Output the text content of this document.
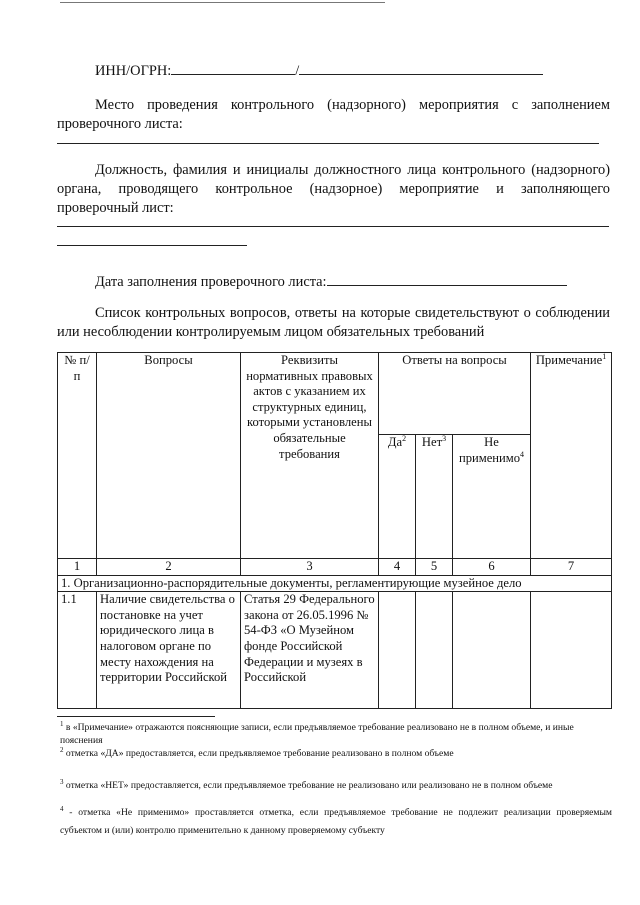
ИНН/ОГРН:	/
Место проведения контрольного (надзорного) мероприятия с заполнением проверочного листа:
Должность, фамилия и инициалы должностного лица контрольного (надзорного) органа, проводящего контрольное (надзорное) мероприятие и заполняющего проверочный лист:
Дата заполнения проверочного листа:
Список контрольных вопросов, ответы на которые свидетельствуют о соблюдении или несоблюдении контролируемым лицом обязательных требований
№ п/п	Вопросы	Реквизиты нормативных правовых актов с указанием их структурных единиц, которыми установлены обязательные требования	Ответы на вопросы			Примечание$^1$
			$Да^2$	Нет$^3$	Не применимо$^4$
1	2	3	4	5	6	7
1. Организационно-распорядительные документы, регламентирующие музейное дело						
1.1	Наличие свидетельства о постановке на учет юридического лица в налоговом органе по месту нахождения на территории Российской	Статья 29 Федерального закона от 26.05.1996 № 54-ФЗ «О Музейном фонде Российской Федерации и музеях в Российской				
$^1$ в «Примечание» отражаются поясняющие записи, если предъявляемое требование реализовано не в полном объеме, и иные пояснения
$^2$ отметка «ДА» предоставляется, если предъявляемое требование реализовано в полном объеме
$^3$ отметка «НЕТ» предоставляется, если предъявляемое требование не реализовано или реализовано не в полном объеме
$^4$ - отметка «Не применимо» проставляется отметка, если предъявляемое требование не подлежит реализации проверяемым субъектом и (или) контролю применительно к данному проверяемому субъекту
